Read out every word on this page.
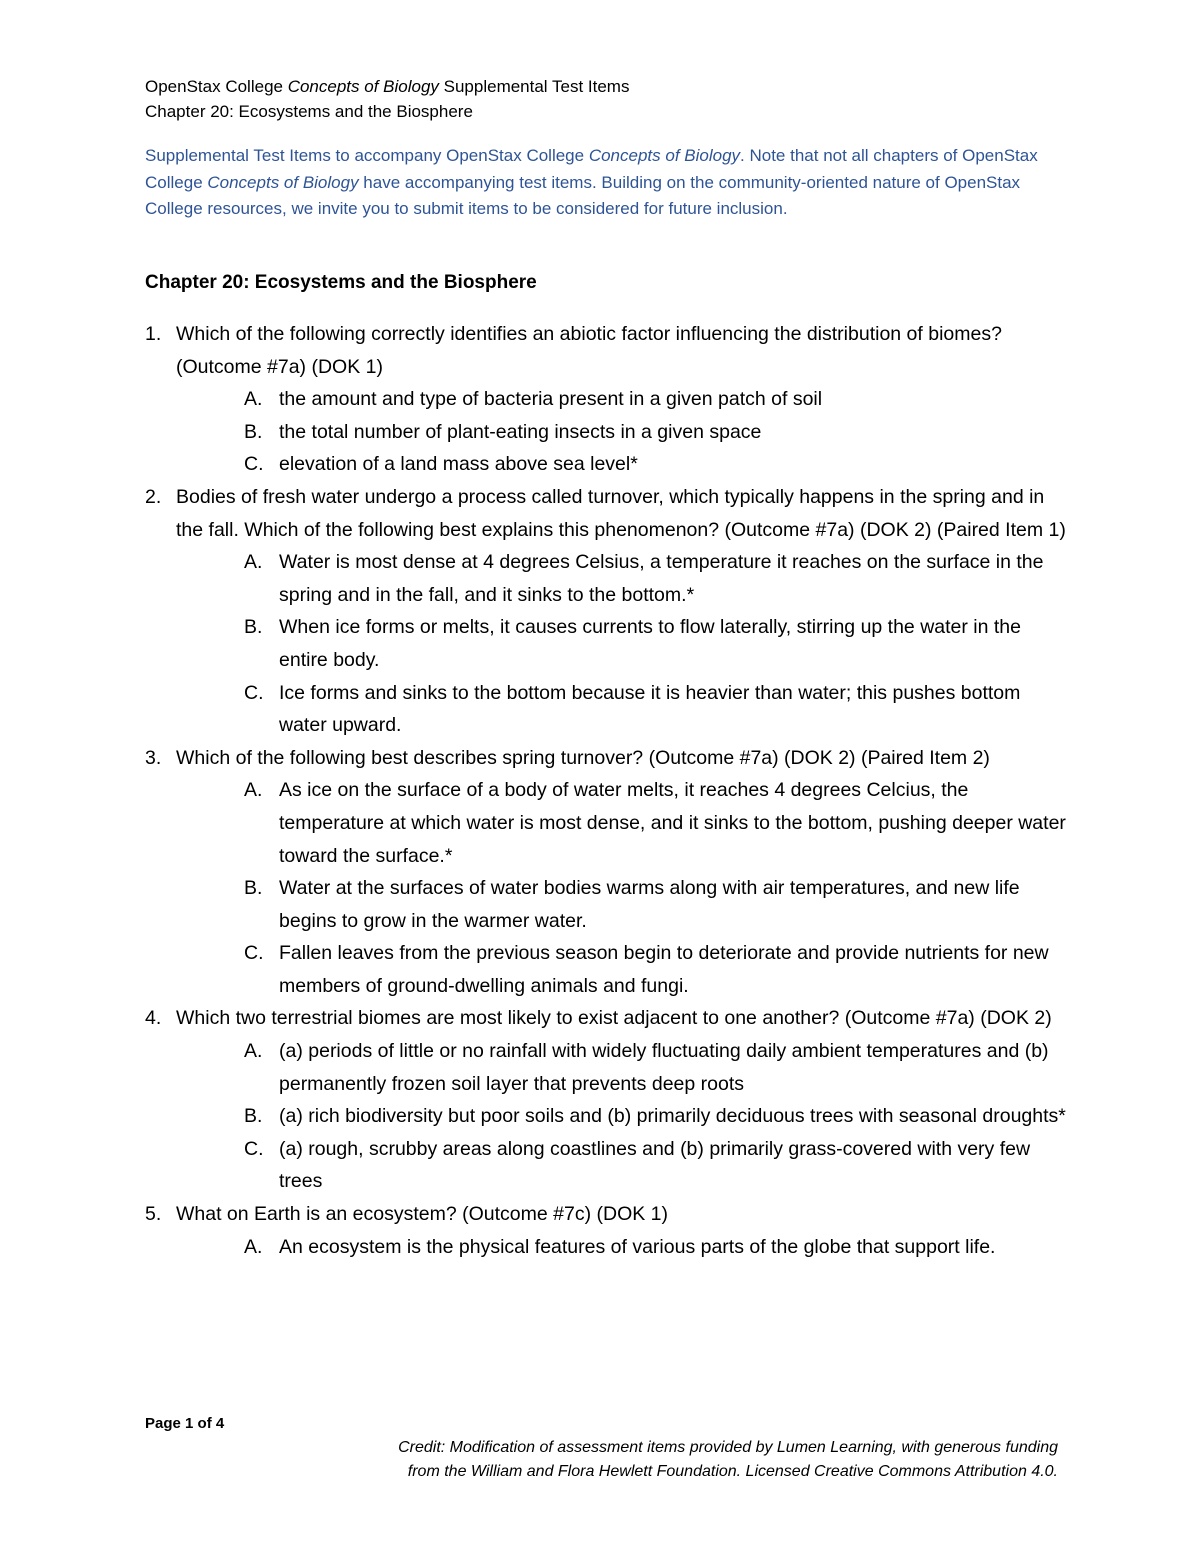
OpenStax College Concepts of Biology Supplemental Test Items
Chapter 20: Ecosystems and the Biosphere
Supplemental Test Items to accompany OpenStax College Concepts of Biology. Note that not all chapters of OpenStax College Concepts of Biology have accompanying test items. Building on the community-oriented nature of OpenStax College resources, we invite you to submit items to be considered for future inclusion.
Chapter 20: Ecosystems and the Biosphere
1. Which of the following correctly identifies an abiotic factor influencing the distribution of biomes? (Outcome #7a) (DOK 1)
A. the amount and type of bacteria present in a given patch of soil
B. the total number of plant-eating insects in a given space
C. elevation of a land mass above sea level*
2. Bodies of fresh water undergo a process called turnover, which typically happens in the spring and in the fall. Which of the following best explains this phenomenon? (Outcome #7a) (DOK 2) (Paired Item 1)
A. Water is most dense at 4 degrees Celsius, a temperature it reaches on the surface in the spring and in the fall, and it sinks to the bottom.*
B. When ice forms or melts, it causes currents to flow laterally, stirring up the water in the entire body.
C. Ice forms and sinks to the bottom because it is heavier than water; this pushes bottom water upward.
3. Which of the following best describes spring turnover? (Outcome #7a) (DOK 2) (Paired Item 2)
A. As ice on the surface of a body of water melts, it reaches 4 degrees Celcius, the temperature at which water is most dense, and it sinks to the bottom, pushing deeper water toward the surface.*
B. Water at the surfaces of water bodies warms along with air temperatures, and new life begins to grow in the warmer water.
C. Fallen leaves from the previous season begin to deteriorate and provide nutrients for new members of ground-dwelling animals and fungi.
4. Which two terrestrial biomes are most likely to exist adjacent to one another? (Outcome #7a) (DOK 2)
A. (a) periods of little or no rainfall with widely fluctuating daily ambient temperatures and (b) permanently frozen soil layer that prevents deep roots
B. (a) rich biodiversity but poor soils and (b) primarily deciduous trees with seasonal droughts*
C. (a) rough, scrubby areas along coastlines and (b) primarily grass-covered with very few trees
5. What on Earth is an ecosystem? (Outcome #7c) (DOK 1)
A. An ecosystem is the physical features of various parts of the globe that support life.
Page 1 of 4
Credit: Modification of assessment items provided by Lumen Learning, with generous funding
from the William and Flora Hewlett Foundation. Licensed Creative Commons Attribution 4.0.
